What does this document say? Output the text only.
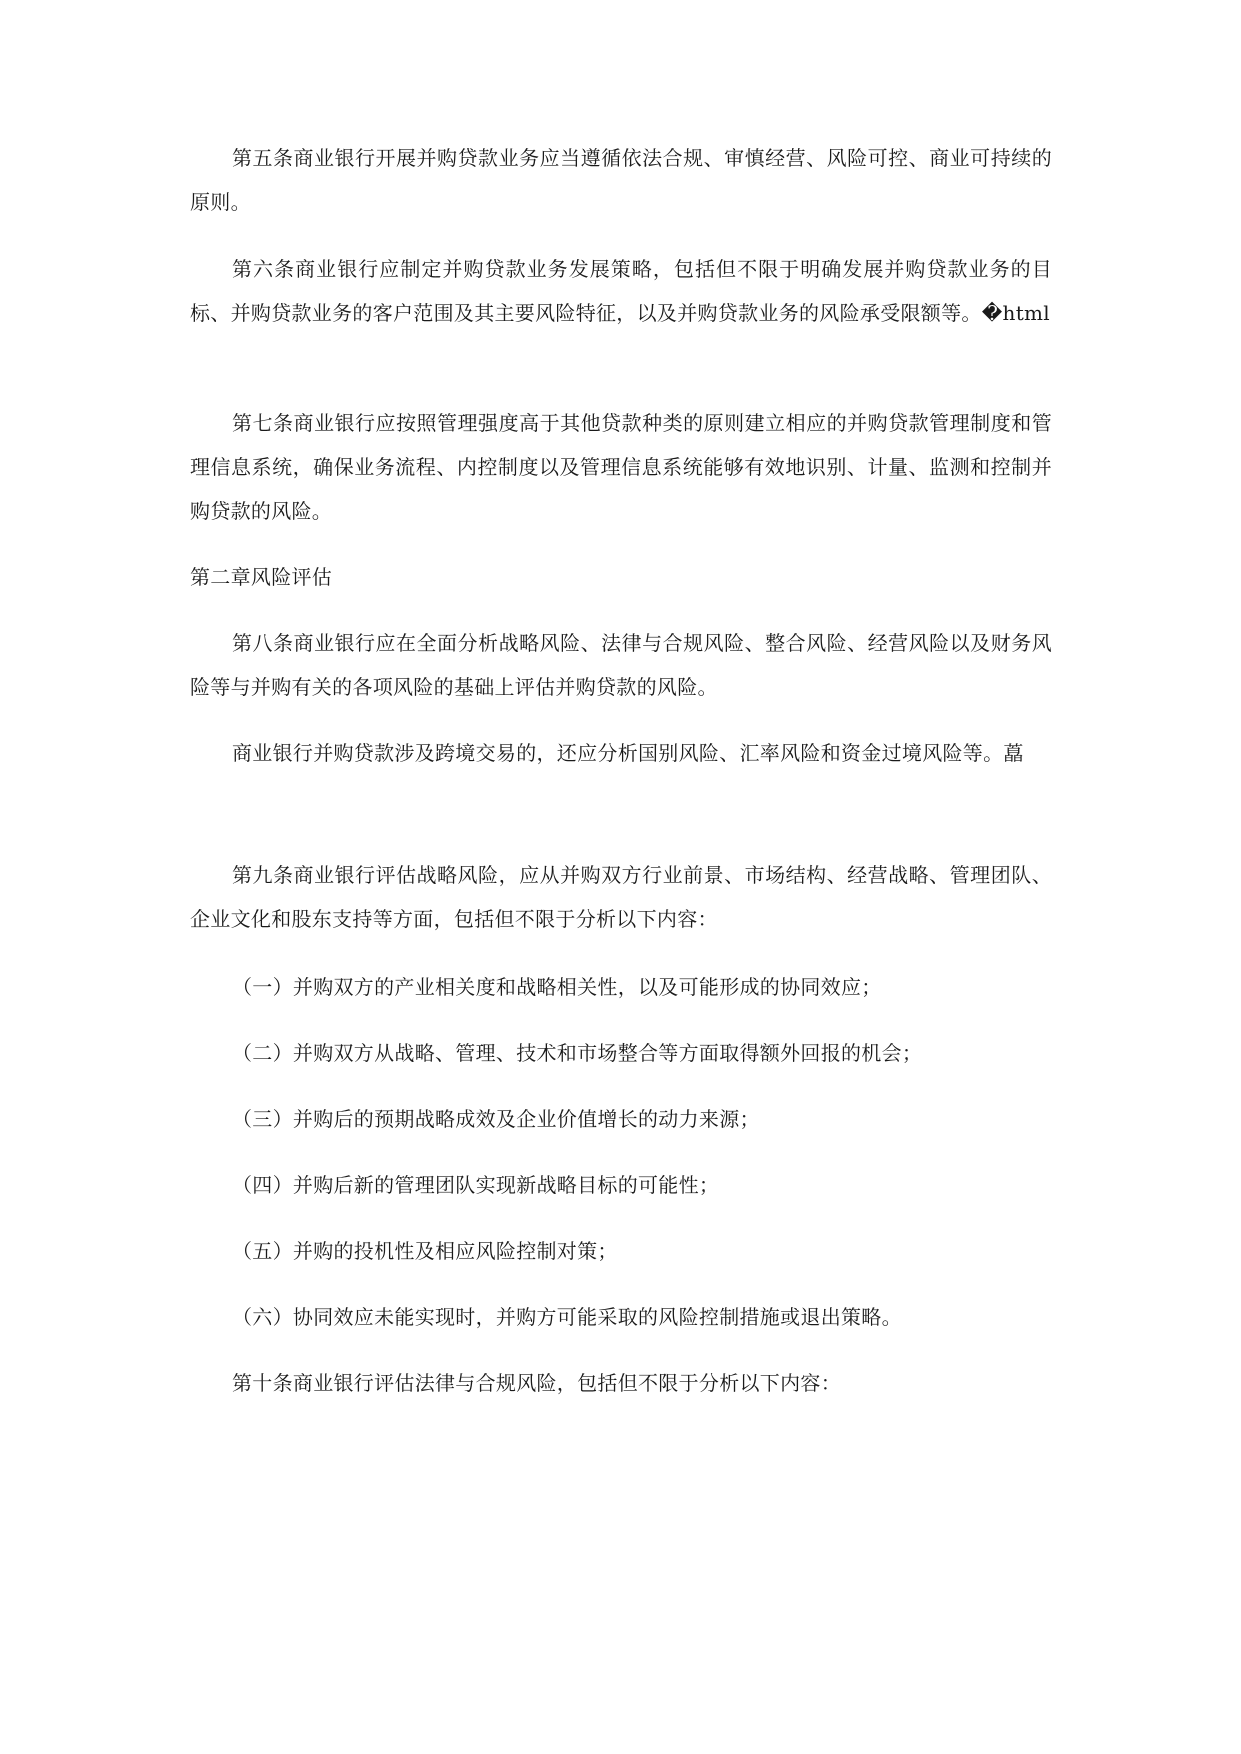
第五条商业银行开展并购贷款业务应当遵循依法合规、审慎经营、风险可控、商业可持续的原则。

第六条商业银行应制定并购贷款业务发展策略，包括但不限于明确发展并购贷款业务的目标、并购贷款业务的客户范围及其主要风险特征，以及并购贷款业务的风险承受限额等。�html

第七条商业银行应按照管理强度高于其他贷款种类的原则建立相应的并购贷款管理制度和管理信息系统，确保业务流程、内控制度以及管理信息系统能够有效地识别、计量、监测和控制并购贷款的风险。

第二章风险评估

第八条商业银行应在全面分析战略风险、法律与合规风险、整合风险、经营风险以及财务风险等与并购有关的各项风险的基础上评估并购贷款的风险。

商业银行并购贷款涉及跨境交易的，还应分析国别风险、汇率风险和资金过境风险等。藠

第九条商业银行评估战略风险，应从并购双方行业前景、市场结构、经营战略、管理团队、企业文化和股东支持等方面，包括但不限于分析以下内容：

（一）并购双方的产业相关度和战略相关性，以及可能形成的协同效应；

（二）并购双方从战略、管理、技术和市场整合等方面取得额外回报的机会；

（三）并购后的预期战略成效及企业价值增长的动力来源；

（四）并购后新的管理团队实现新战略目标的可能性；

（五）并购的投机性及相应风险控制对策；

（六）协同效应未能实现时，并购方可能采取的风险控制措施或退出策略。

第十条商业银行评估法律与合规风险，包括但不限于分析以下内容：
